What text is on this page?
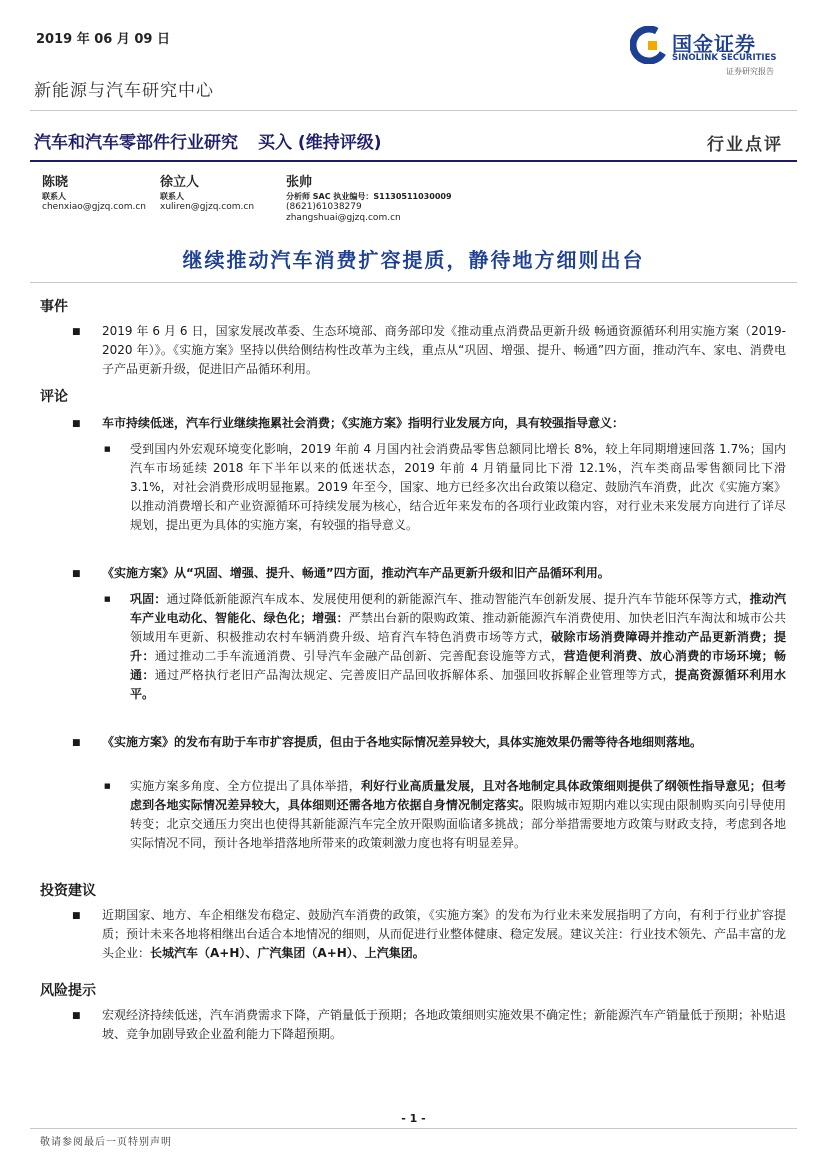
2019 年 06 月 09 日
新能源与汽车研究中心
国金证券
SINOLINK SECURITIES
证券研究报告
汽车和汽车零部件行业研究 买入 (维持评级)	行业点评
陈晓
联系人
chenxiao@gjzq.com.cn
徐立人
联系人
xuliren@gjzq.com.cn
张帅
分析师 SAC 执业编号：S1130511030009
(8621)61038279
zhangshuai@gjzq.com.cn
继续推动汽车消费扩容提质，静待地方细则出台
事件
■ 2019 年 6 月 6 日，国家发展改革委、生态环境部、商务部印发《推动重点消费品更新升级 畅通资源循环利用实施方案（2019-2020 年）》。《实施方案》坚持以供给侧结构性改革为主线，重点从“巩固、增强、提升、畅通”四方面，推动汽车、家电、消费电子产品更新升级，促进旧产品循环利用。
评论
■ 车市持续低迷，汽车行业继续拖累社会消费；《实施方案》指明行业发展方向，具有较强指导意义：
■ 受到国内外宏观环境变化影响，2019 年前 4 月国内社会消费品零售总额同比增长 8%，较上年同期增速回落 1.7%；国内汽车市场延续 2018 年下半年以来的低迷状态，2019 年前 4 月销量同比下滑 12.1%，汽车类商品零售额同比下滑 3.1%，对社会消费形成明显拖累。2019 年至今，国家、地方已经多次出台政策以稳定、鼓励汽车消费，此次《实施方案》以推动消费增长和产业资源循环可持续发展为核心，结合近年来发布的各项行业政策内容，对行业未来发展方向进行了详尽规划，提出更为具体的实施方案，有较强的指导意义。
■ 《实施方案》从“巩固、增强、提升、畅通”四方面，推动汽车产品更新升级和旧产品循环利用。
■ 巩固：通过降低新能源汽车成本、发展使用便利的新能源汽车、推动智能汽车创新发展、提升汽车节能环保等方式，推动汽车产业电动化、智能化、绿色化；增强：严禁出台新的限购政策、推动新能源汽车消费使用、加快老旧汽车淘汰和城市公共领域用车更新、积极推动农村车辆消费升级、培育汽车特色消费市场等方式，破除市场消费障碍并推动产品更新消费；提升：通过推动二手车流通消费、引导汽车金融产品创新、完善配套设施等方式，营造便利消费、放心消费的市场环境；畅通：通过严格执行老旧产品淘汰规定、完善废旧产品回收拆解体系、加强回收拆解企业管理等方式，提高资源循环利用水平。
■ 《实施方案》的发布有助于车市扩容提质，但由于各地实际情况差异较大，具体实施效果仍需等待各地细则落地。
■ 实施方案多角度、全方位提出了具体举措，利好行业高质量发展，且对各地制定具体政策细则提供了纲领性指导意见；但考虑到各地实际情况差异较大，具体细则还需各地方依据自身情况制定落实。限购城市短期内难以实现由限制购买向引导使用转变；北京交通压力突出也使得其新能源汽车完全放开限购面临诸多挑战；部分举措需要地方政策与财政支持，考虑到各地实际情况不同，预计各地举措落地所带来的政策刺激力度也将有明显差异。
投资建议
■ 近期国家、地方、车企相继发布稳定、鼓励汽车消费的政策，《实施方案》的发布为行业未来发展指明了方向，有利于行业扩容提质；预计未来各地将相继出台适合本地情况的细则，从而促进行业整体健康、稳定发展。建议关注：行业技术领先、产品丰富的龙头企业：长城汽车（A+H）、广汽集团（A+H）、上汽集团。
风险提示
■ 宏观经济持续低迷，汽车消费需求下降，产销量低于预期；各地政策细则实施效果不确定性；新能源汽车产销量低于预期；补贴退坡、竞争加剧导致企业盈利能力下降超预期。
- 1 -
敬请参阅最后一页特别声明
